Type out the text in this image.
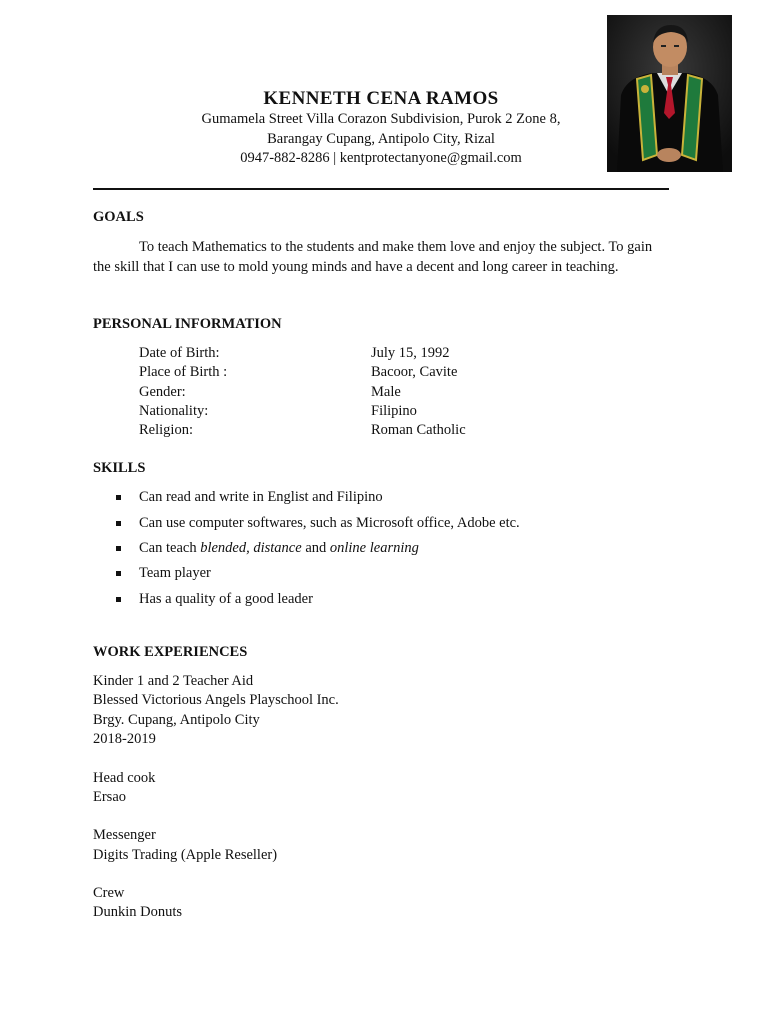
KENNETH CENA RAMOS
Gumamela Street Villa Corazon Subdivision, Purok 2 Zone 8,
Barangay Cupang, Antipolo City, Rizal
0947-882-8286 | kentprotectanyone@gmail.com
GOALS
To teach Mathematics to the students and make them love and enjoy the subject. To gain the skill that I can use to mold young minds and have a decent and long career in teaching.
PERSONAL INFORMATION
Date of Birth:	July 15, 1992
Place of Birth :	Bacoor, Cavite
Gender:	Male
Nationality:	Filipino
Religion:	Roman Catholic
SKILLS
Can read and write in Englist and Filipino
Can use computer softwares, such as Microsoft office, Adobe etc.
Can teach blended, distance and online learning
Team player
Has a quality of a good leader
WORK EXPERIENCES
Kinder 1 and 2 Teacher Aid
Blessed Victorious Angels Playschool Inc.
Brgy. Cupang, Antipolo City
2018-2019
Head cook
Ersao
Messenger
Digits Trading (Apple Reseller)
Crew
Dunkin Donuts
